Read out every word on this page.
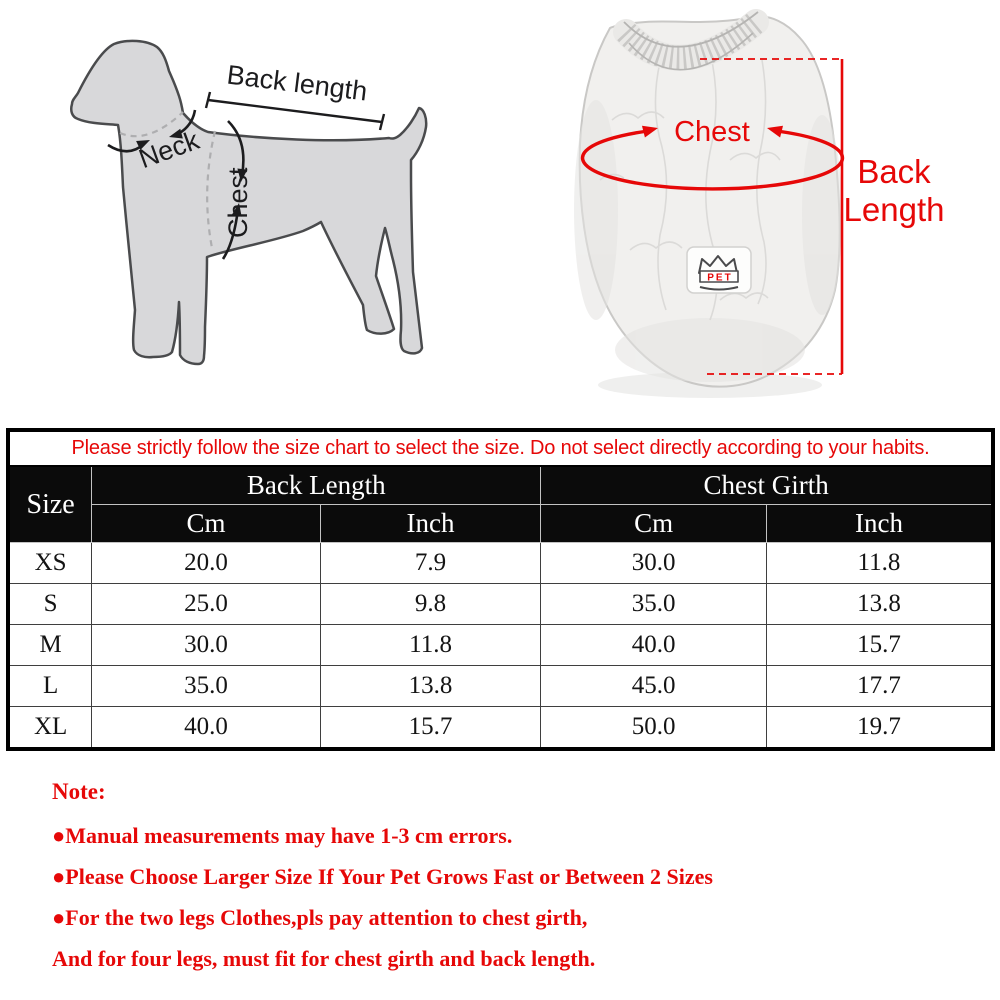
Back length
Neck
Chest
PET
Chest
Back
Length
Please strictly follow the size chart to select the size. Do not select directly according to your habits.				
Size	Back Length		Chest Girth	
	Cm	Inch	Cm	Inch
XS	20.0	7.9	30.0	11.8
S	25.0	9.8	35.0	13.8
M	30.0	11.8	40.0	15.7
L	35.0	13.8	45.0	17.7
XL	40.0	15.7	50.0	19.7

Note:

●Manual measurements may have 1-3 cm errors.

●Please Choose Larger Size If Your Pet Grows Fast or Between 2 Sizes

●For the two legs Clothes,pls pay attention to chest girth,

And for four legs, must fit for chest girth and back length.
